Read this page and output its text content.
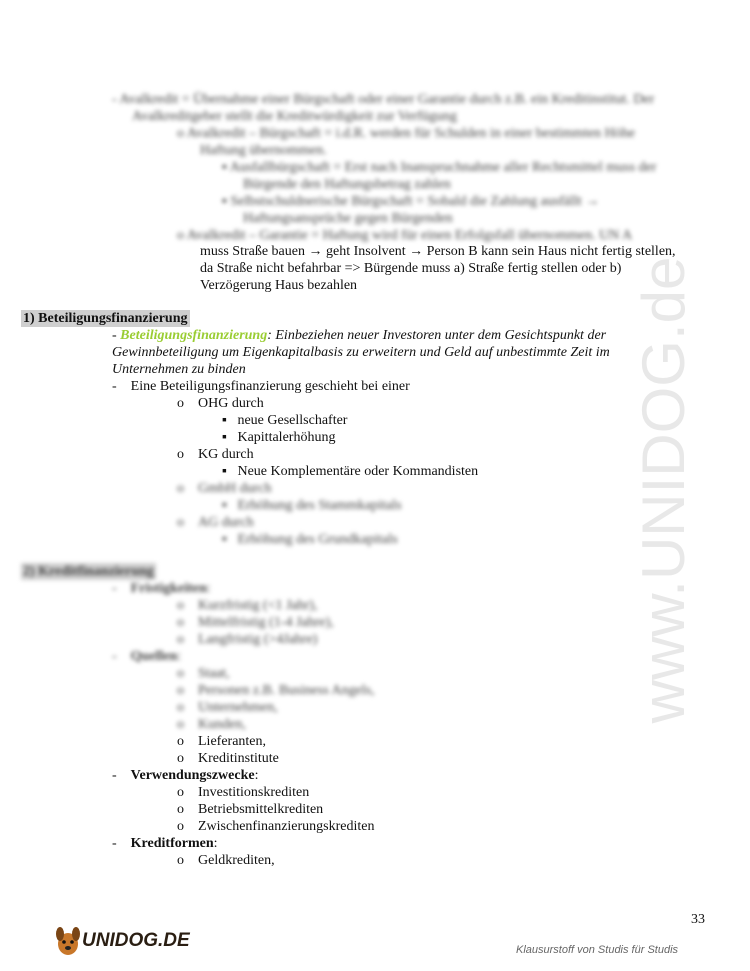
www.UNIDOG.de
- Avalkredit = Übernahme einer Bürgschaft oder einer Garantie durch z.B. ein Kreditinstitut. Der
Avalkreditgeber stellt die Kreditwürdigkeit zur Verfügung
o Avalkredit – Bürgschaft = i.d.R. werden für Schulden in einer bestimmten Höhe
Haftung übernommen.
▪ Ausfallbürgschaft = Erst nach Inanspruchnahme aller Rechtsmittel muss der
Bürgende den Haftungsbetrag zahlen
▪ Selbstschuldnerische Bürgschaft = Sobald die Zahlung ausfällt →
Haftungsansprüche gegen Bürgenden
o Avalkredit – Garantie = Haftung wird für einen Erfolgsfall übernommen. UN A
muss Straße bauen → geht Insolvent → Person B kann sein Haus nicht fertig stellen,
da Straße nicht befahrbar => Bürgende muss a) Straße fertig stellen oder b)
Verzögerung Haus bezahlen
1) Beteiligungsfinanzierung
- Beteiligungsfinanzierung: Einbeziehen neuer Investoren unter dem Gesichtspunkt der
Gewinnbeteiligung um Eigenkapitalbasis zu erweitern und Geld auf unbestimmte Zeit im
Unternehmen zu binden
-    Eine Beteiligungsfinanzierung geschieht bei einer
o    OHG durch
▪   neue Gesellschafter
▪   Kapittalerhöhung
o    KG durch
▪   Neue Komplementäre oder Kommandisten
o    GmbH durch
▪   Erhöhung des Stammkapitals
o    AG durch
▪   Erhöhung des Grundkapitals
2) Kreditfinanzierung
-    Fristigkeiten:
o    Kurzfristig (<1 Jahr),
o    Mittelfristig (1-4 Jahre),
o    Langfristig (>4Jahre)
-    Quellen:
o    Staat,
o    Personen z.B. Business Angels,
o    Unternehmen,
o    Kunden,
o    Lieferanten,
o    Kreditinstitute
-    Verwendungszwecke:
o    Investitionskrediten
o    Betriebsmittelkrediten
o    Zwischenfinanzierungskrediten
-    Kreditformen:
o    Geldkrediten,
33
UNIDOG.DE	Klausurstoff von Studis für Studis
